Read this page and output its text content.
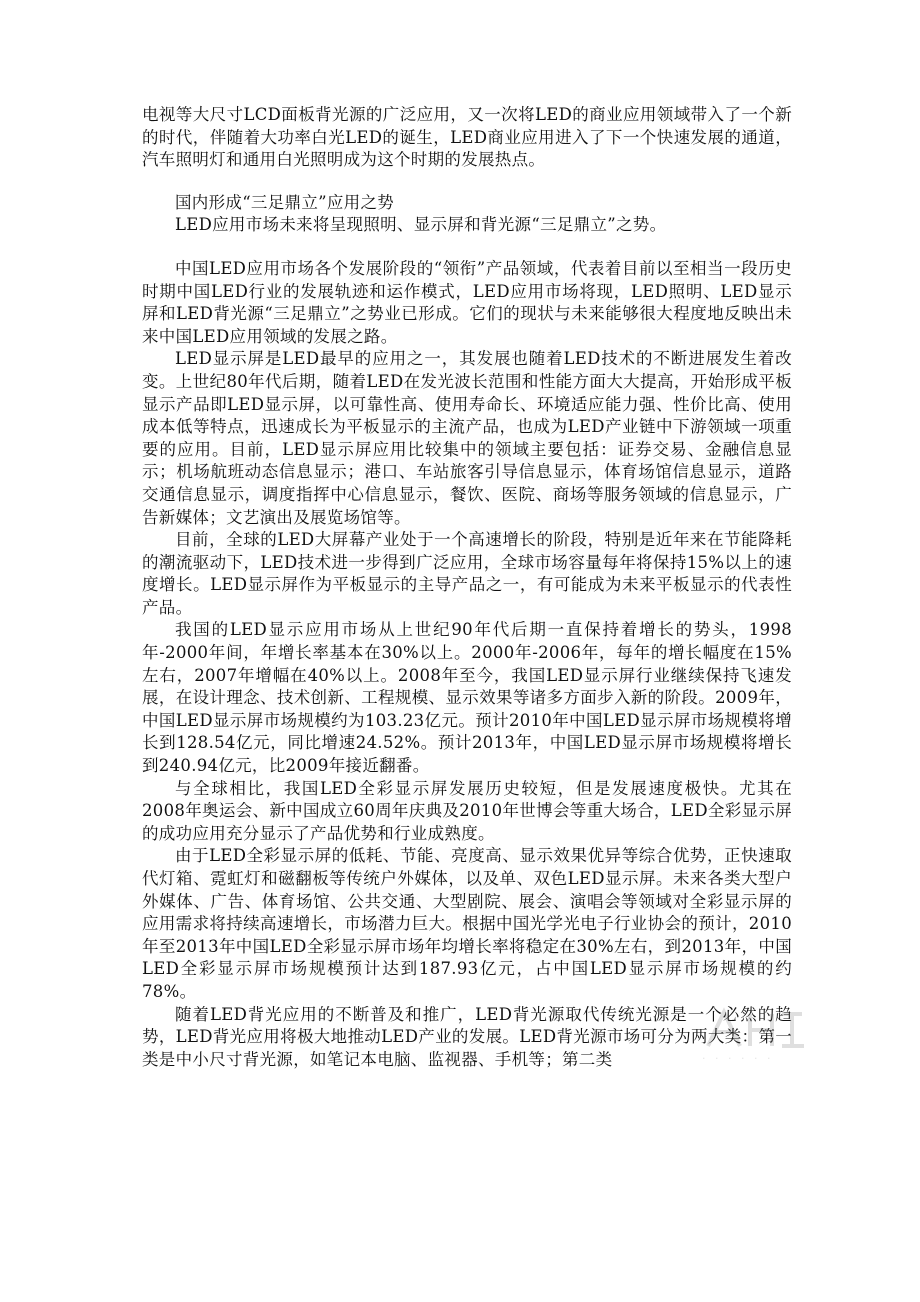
电视等大尺寸LCD面板背光源的广泛应用，又一次将LED的商业应用领域带入了一个新的时代，伴随着大功率白光LED的诞生，LED商业应用进入了下一个快速发展的通道，汽车照明灯和通用白光照明成为这个时期的发展热点。

国内形成“三足鼎立”应用之势

LED应用市场未来将呈现照明、显示屏和背光源“三足鼎立”之势。

中国LED应用市场各个发展阶段的“领衔”产品领域，代表着目前以至相当一段历史时期中国LED行业的发展轨迹和运作模式，LED应用市场将现，LED照明、LED显示屏和LED背光源“三足鼎立”之势业已形成。它们的现状与未来能够很大程度地反映出未来中国LED应用领域的发展之路。

LED显示屏是LED最早的应用之一，其发展也随着LED技术的不断进展发生着改变。上世纪80年代后期，随着LED在发光波长范围和性能方面大大提高，开始形成平板显示产品即LED显示屏，以可靠性高、使用寿命长、环境适应能力强、性价比高、使用成本低等特点，迅速成长为平板显示的主流产品，也成为LED产业链中下游领域一项重要的应用。目前，LED显示屏应用比较集中的领域主要包括：证券交易、金融信息显示；机场航班动态信息显示；港口、车站旅客引导信息显示，体育场馆信息显示，道路交通信息显示，调度指挥中心信息显示，餐饮、医院、商场等服务领域的信息显示，广告新媒体；文艺演出及展览场馆等。

目前，全球的LED大屏幕产业处于一个高速增长的阶段，特别是近年来在节能降耗的潮流驱动下，LED技术进一步得到广泛应用，全球市场容量每年将保持15%以上的速度增长。LED显示屏作为平板显示的主导产品之一，有可能成为未来平板显示的代表性产品。

我国的LED显示应用市场从上世纪90年代后期一直保持着增长的势头，1998年-2000年间，年增长率基本在30%以上。2000年-2006年，每年的增长幅度在15%左右，2007年增幅在40%以上。2008年至今，我国LED显示屏行业继续保持飞速发展，在设计理念、技术创新、工程规模、显示效果等诸多方面步入新的阶段。2009年，中国LED显示屏市场规模约为103.23亿元。预计2010年中国LED显示屏市场规模将增长到128.54亿元，同比增速24.52%。预计2013年，中国LED显示屏市场规模将增长到240.94亿元，比2009年接近翻番。

与全球相比，我国LED全彩显示屏发展历史较短，但是发展速度极快。尤其在2008年奥运会、新中国成立60周年庆典及2010年世博会等重大场合，LED全彩显示屏的成功应用充分显示了产品优势和行业成熟度。

由于LED全彩显示屏的低耗、节能、亮度高、显示效果优异等综合优势，正快速取代灯箱、霓虹灯和磁翻板等传统户外媒体，以及单、双色LED显示屏。未来各类大型户外媒体、广告、体育场馆、公共交通、大型剧院、展会、演唱会等领域对全彩显示屏的应用需求将持续高速增长，市场潜力巨大。根据中国光学光电子行业协会的预计，2010年至2013年中国LED全彩显示屏市场年均增长率将稳定在30%左右，到2013年，中国LED全彩显示屏市场规模预计达到187.93亿元，占中国LED显示屏市场规模的约78%。

随着LED背光应用的不断普及和推广，LED背光源取代传统光源是一个必然的趋势，LED背光应用将极大地推动LED产业的发展。LED背光源市场可分为两大类：第一类是中小尺寸背光源，如笔记本电脑、监视器、手机等；第二类	· · · · · ·
